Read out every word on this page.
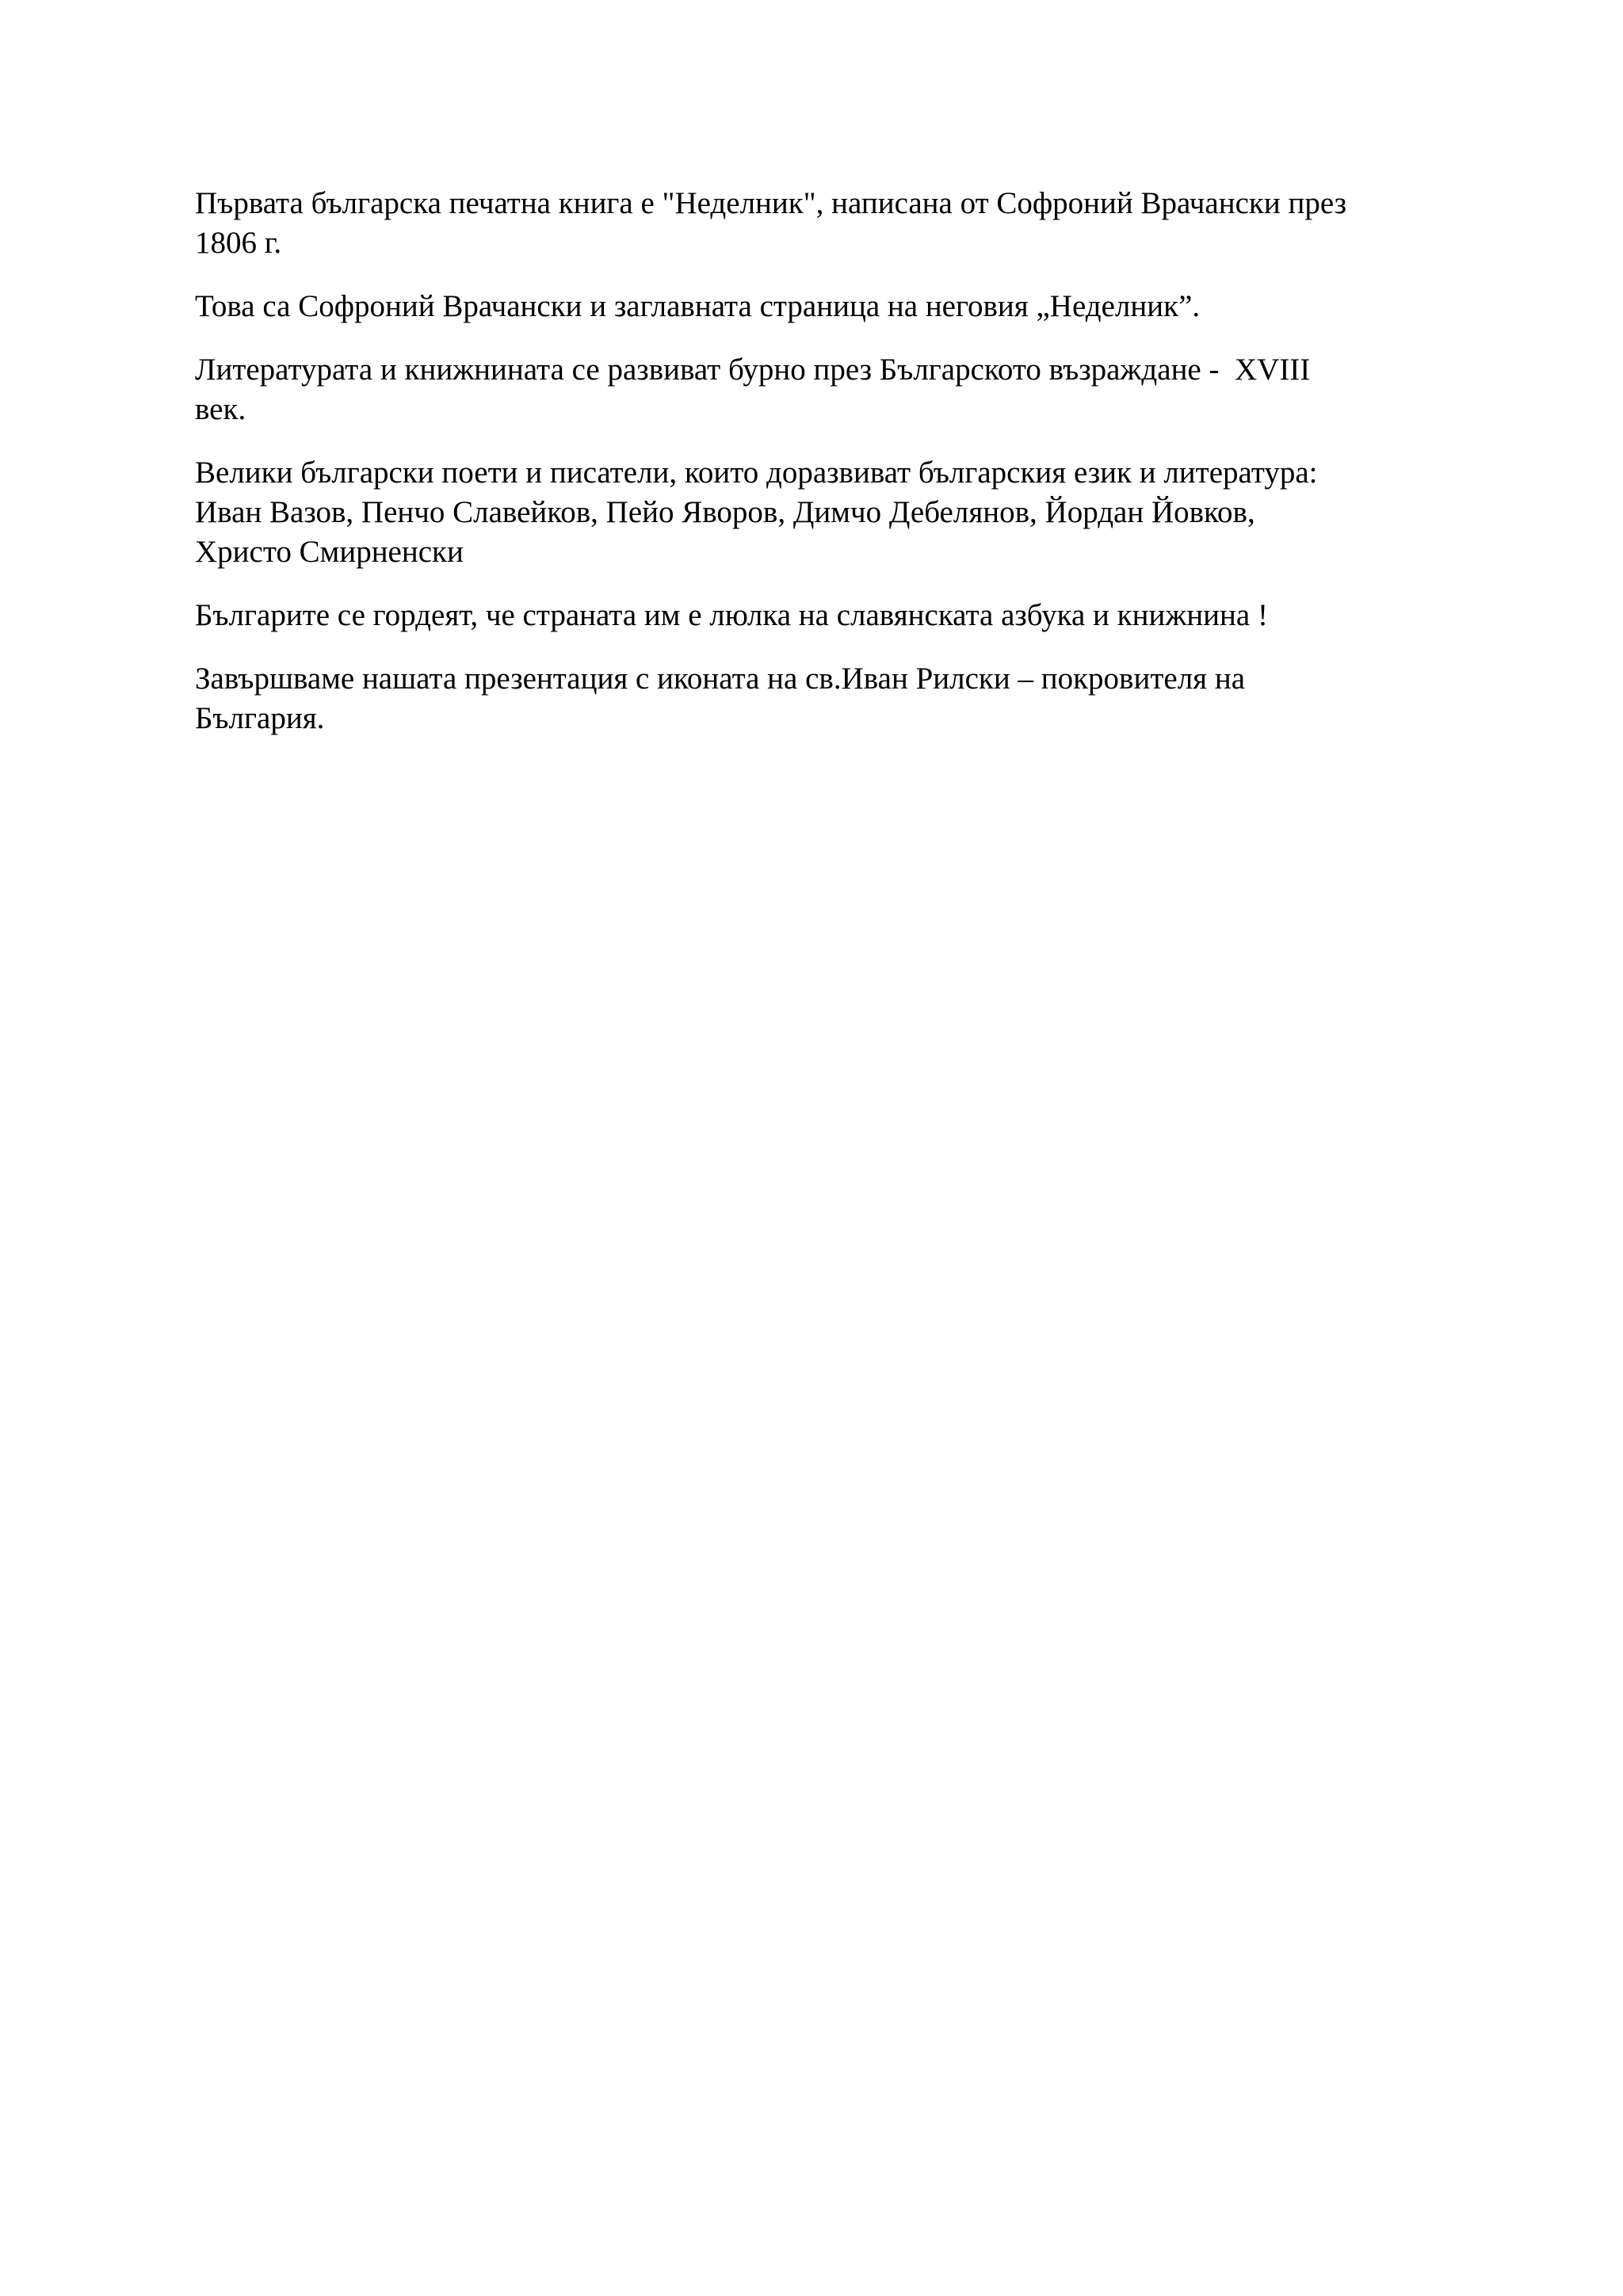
Първата българска печатна книга е "Неделник", написана от Софроний Врачански през
1806 г.

Това са Софроний Врачански и заглавната страница на неговия „Неделник”.

Литературата и книжнината се развиват бурно през Българското възраждане -  XVIII
век.

Велики български поети и писатели, които доразвиват българския език и литература:
Иван Вазов, Пенчо Славейков, Пейо Яворов, Димчо Дебелянов, Йордан Йовков,
Христо Смирненски

Българите се гордеят, че страната им е люлка на славянската азбука и книжнина !

Завършваме нашата презентация с иконата на св.Иван Рилски – покровителя на
България.
